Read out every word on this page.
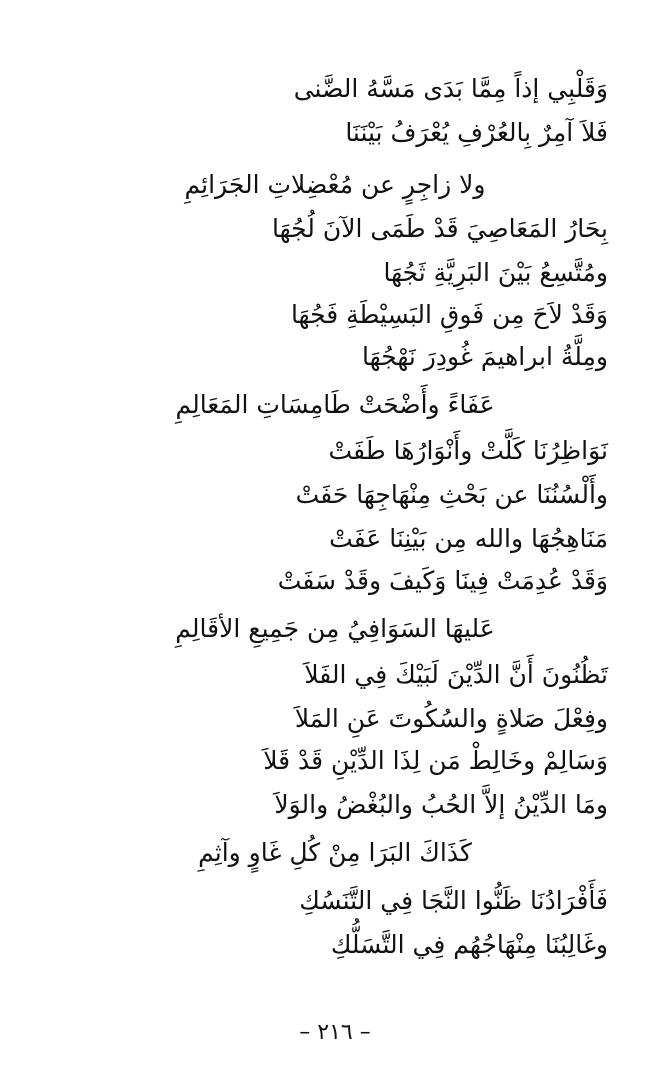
وَقَلْبِي إذاً مِمَّا بَدَى مَسَّهُ الضَّنى
فَلاَ آمِرٌ بِالعُرْفِ يُعْرَفُ بَيْنَنَا
ولا زاجِرٍ عن مُعْضِلاتِ الجَرَائِمِ
بِحَارُ المَعَاصِيَ قَدْ طَمَى الآنَ لُجُهَا
ومُتَّسِعُ بَيْنَ البَرِيَّةِ ثَجُهَا
وَقَدْ لاَحَ مِن فَوقِ البَسِيْطَةِ فَجُهَا
ومِلَّةُ ابراهيمَ غُودِرَ نَهْجُهَا
عَفَاءً وأَضْحَتْ طَامِسَاتِ المَعَالِمِ
نَوَاظِرُنَا كَلَّتْ وأَنْوَارُهَا طَفَتْ
وأَلْسُنُنَا عن بَحْثِ مِنْهَاجِهَا حَفَتْ
مَنَاهِجُهَا والله مِن بَيْنِنَا عَفَتْ
وَقَدْ عُدِمَتْ فِينَا وَكَيفَ وقَدْ سَفَتْ
عَليهَا السَوَافِيُ مِن جَمِيعِ الأقَالِمِ
تَظُنُونَ أَنَّ الدِّيْنَ لَبَيْكَ فِي الفَلاَ
وفِعْلَ صَلاةٍ والسُكُوتَ عَنِ المَلاَ
وَسَالِمْ وخَالِطْ مَن لِذَا الدِّيْنِ قَدْ قَلاَ
ومَا الدِّيْنُ إلاَّ الحُبُ والبُغْضُ والوَلاَ
كَذَاكَ البَرَا مِنْ كُلِ غَاوٍ وآثِمِ
فَأَفْرَادُنَا ظَنُّوا النَّجَا فِي التَّنَسُكِ
وغَالِبُنَا مِنْهَاجُهُم فِي التَّسَلُّكِ
– ٢١٦ –
